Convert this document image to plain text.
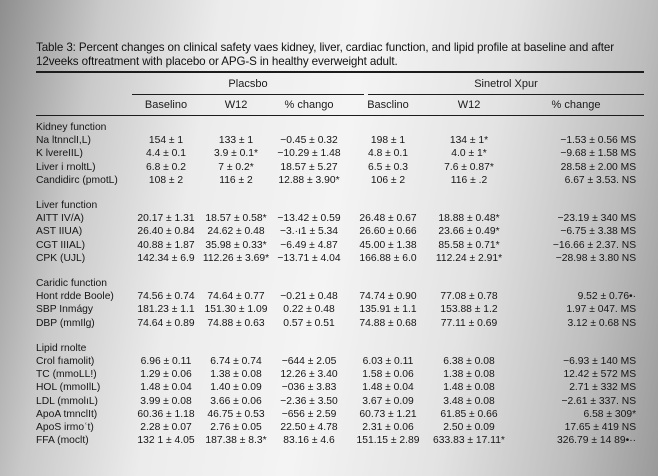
Table 3: Percent changes on clinical safety vaes kidney, liver, cardiac function, and lipid profile at baseline and after 12veeks oftreatment with placebo or APG-S in healthy everweight adult.
Placsbo	Sinetrol Xpur
Baselino	W12	% chango	Basclino	W12	% change
Kidney function						
Na ltnnclI,L)	154 ± 1	133 ± 1	−0.45 ± 0.32	198 ± 1	134 ± 1*	−1.53 ± 0.56 MS
K lvereIIL)	4.4 ± 0.1	3.9 ± 0.1*	−10.29 ± 1.48	4.8 ± 0.1	4.0 ± 1*	−9.68 ± 1.58 MS
Liver i rnoltL)	6.8 ± 0.2	7 ± 0.2*	18.57 ± 5.27	6.5 ± 0.3	7.6 ± 0.87*	28.58 ± 2.00 MS
Candidirc (pmotL)	108 ± 2	116 ± 2	12.88 ± 3.90*	106 ± 2	116 ± .2	6.67 ± 3.53. NS

Liver function						
AITT IV/A)	20.17 ± 1.31	18.57 ± 0.58*	−13.42 ± 0.59	26.48 ± 0.67	18.88 ± 0.48*	−23.19 ± 340 MS
AST IIUA)	26.40 ± 0.84	24.62 ± 0.48	−3.·ı1 ± 5.34	26.60 ± 0.66	23.66 ± 0.49*	−6.75 ± 3.38 MS
CGT IIIAL)	40.88 ± 1.87	35.98 ± 0.33*	−6.49 ± 4.87	45.00 ± 1.38	85.58 ± 0.71*	−16.66 ± 2.37. NS
CPK (UJL)	142.34 ± 6.9	112.26 ± 3.69*	−13.71 ± 4.04	166.88 ± 6.0	112.24 ± 2.91*	−28.98 ± 3.80 NS

Caridic function						
Hont rdde Boole)	74.56 ± 0.74	74.64 ± 0.77	−0.21 ± 0.48	74.74 ± 0.90	77.08 ± 0.78	9.52 ± 0.76•·
SBP Inmágy	181.23 ± 1.1	151.30 ± 1.09	0.22 ± 0.48	135.91 ± 1.1	153.88 ± 1.2	1.97 ± 047. MS
DBP (mmIlg)	74.64 ± 0.89	74.88 ± 0.63	0.57 ± 0.51	74.88 ± 0.68	77.11 ± 0.69	3.12 ± 0.68 NS

Lipid rnolte						
Crol fıamolit)	6.96 ± 0.11	6.74 ± 0.74	−644 ± 2.05	6.03 ± 0.11	6.38 ± 0.08	−6.93 ± 140 MS
TC (mmoLL!)	1.29 ± 0.06	1.38 ± 0.08	12.26 ± 3.40	1.58 ± 0.06	1.38 ± 0.08	12.42 ± 572 MS
HOL (mmoIlL)	1.48 ± 0.04	1.40 ± 0.09	−036 ± 3.83	1.48 ± 0.04	1.48 ± 0.08	2.71 ± 332 MS
LDL (mmolıL)	3.99 ± 0.08	3.66 ± 0.06	−2.36 ± 3.50	3.67 ± 0.09	3.48 ± 0.08	−2.61 ± 337. NS
ApoA tmnclIt)	60.36 ± 1.18	46.75 ± 0.53	−656 ± 2.59	60.73 ± 1.21	61.85 ± 0.66	6.58 ± 309*
ApoS irmoʿt)	2.28 ± 0.07	2.76 ± 0.05	22.50 ± 4.78	2.31 ± 0.06	2.50 ± 0.09	17.65 ± 419 NS
FFA (moclt)	132 1 ± 4.05	187.38 ± 8.3*	83.16 ± 4.6	151.15 ± 2.89	633.83 ± 17.11*	326.79 ± 14 89•··
